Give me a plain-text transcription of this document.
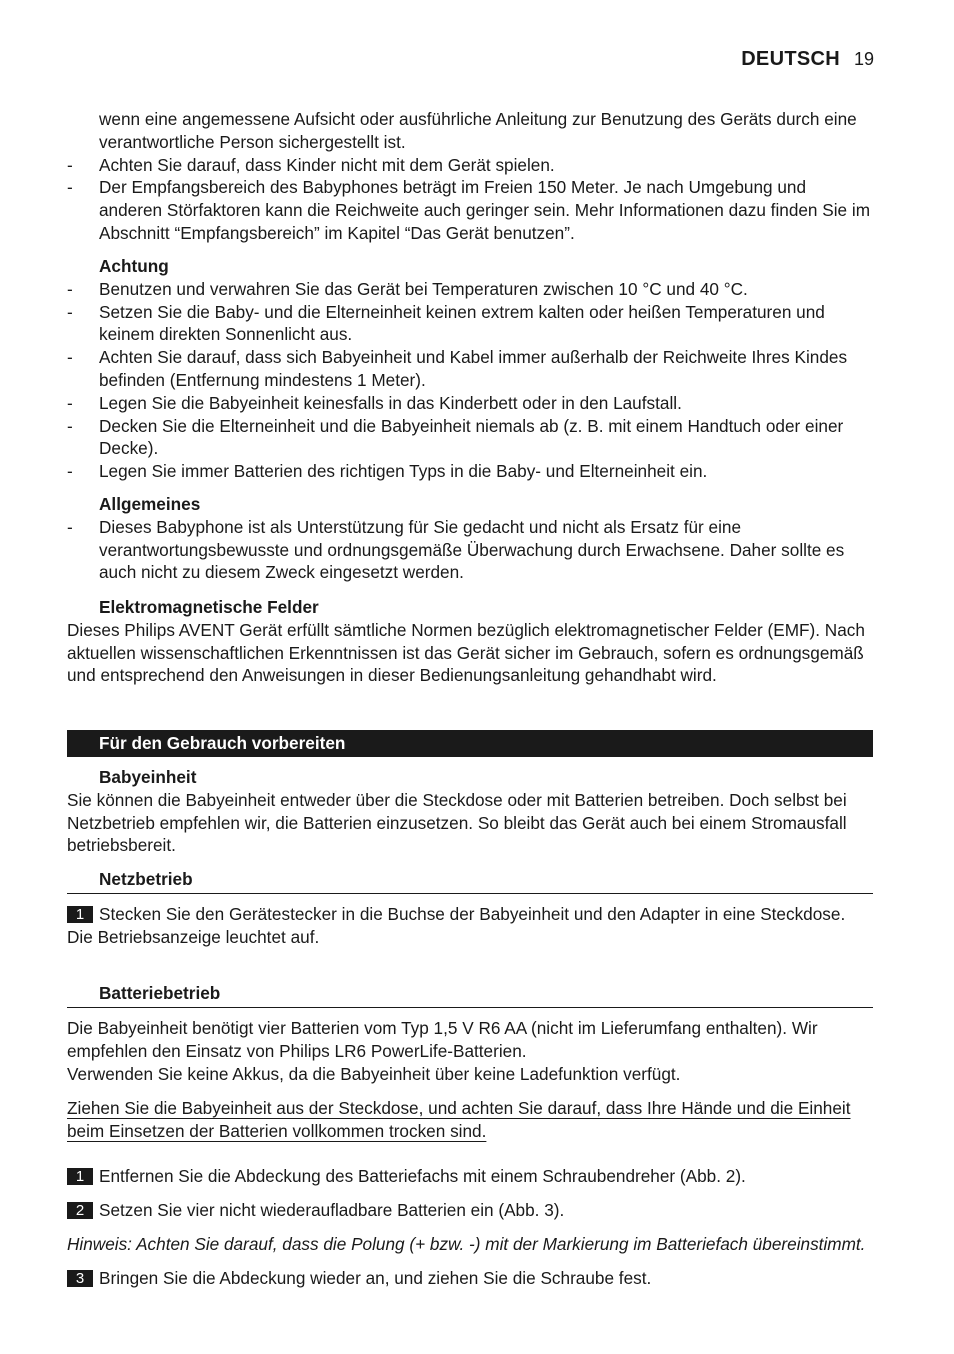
DEUTSCH 19

wenn eine angemessene Aufsicht oder ausführliche Anleitung zur Benutzung des Geräts durch eine verantwortliche Person sichergestellt ist.

- Achten Sie darauf, dass Kinder nicht mit dem Gerät spielen.
- Der Empfangsbereich des Babyphones beträgt im Freien 150 Meter. Je nach Umgebung und anderen Störfaktoren kann die Reichweite auch geringer sein. Mehr Informationen dazu finden Sie im Abschnitt “Empfangsbereich” im Kapitel “Das Gerät benutzen”.
Achtung
- Benutzen und verwahren Sie das Gerät bei Temperaturen zwischen 10 °C und 40 °C.
- Setzen Sie die Baby- und die Elterneinheit keinen extrem kalten oder heißen Temperaturen und keinem direkten Sonnenlicht aus.
- Achten Sie darauf, dass sich Babyeinheit und Kabel immer außerhalb der Reichweite Ihres Kindes befinden (Entfernung mindestens 1 Meter).
- Legen Sie die Babyeinheit keinesfalls in das Kinderbett oder in den Laufstall.
- Decken Sie die Elterneinheit und die Babyeinheit niemals ab (z. B. mit einem Handtuch oder einer Decke).
- Legen Sie immer Batterien des richtigen Typs in die Baby- und Elterneinheit ein.
Allgemeines
- Dieses Babyphone ist als Unterstützung für Sie gedacht und nicht als Ersatz für eine verantwortungsbewusste und ordnungsgemäße Überwachung durch Erwachsene. Daher sollte es auch nicht zu diesem Zweck eingesetzt werden.
Elektromagnetische Felder

Dieses Philips AVENT Gerät erfüllt sämtliche Normen bezüglich elektromagnetischer Felder (EMF). Nach aktuellen wissenschaftlichen Erkenntnissen ist das Gerät sicher im Gebrauch, sofern es ordnungsgemäß und entsprechend den Anweisungen in dieser Bedienungsanleitung gehandhabt wird.

Für den Gebrauch vorbereiten
Babyeinheit

Sie können die Babyeinheit entweder über die Steckdose oder mit Batterien betreiben. Doch selbst bei Netzbetrieb empfehlen wir, die Batterien einzusetzen. So bleibt das Gerät auch bei einem Stromausfall betriebsbereit.

Netzbetrieb
1 Stecken Sie den Gerätestecker in die Buchse der Babyeinheit und den Adapter in eine Steckdose.

Die Betriebsanzeige leuchtet auf.

Batteriebetrieb

Die Babyeinheit benötigt vier Batterien vom Typ 1,5 V R6 AA (nicht im Lieferumfang enthalten). Wir empfehlen den Einsatz von Philips LR6 PowerLife-Batterien.

Verwenden Sie keine Akkus, da die Babyeinheit über keine Ladefunktion verfügt.

Ziehen Sie die Babyeinheit aus der Steckdose, und achten Sie darauf, dass Ihre Hände und die Einheit beim Einsetzen der Batterien vollkommen trocken sind.

1 Entfernen Sie die Abdeckung des Batteriefachs mit einem Schraubendreher (Abb. 2).
2 Setzen Sie vier nicht wiederaufladbare Batterien ein (Abb. 3).

Hinweis: Achten Sie darauf, dass die Polung (+ bzw. -) mit der Markierung im Batteriefach übereinstimmt.

3 Bringen Sie die Abdeckung wieder an, und ziehen Sie die Schraube fest.
